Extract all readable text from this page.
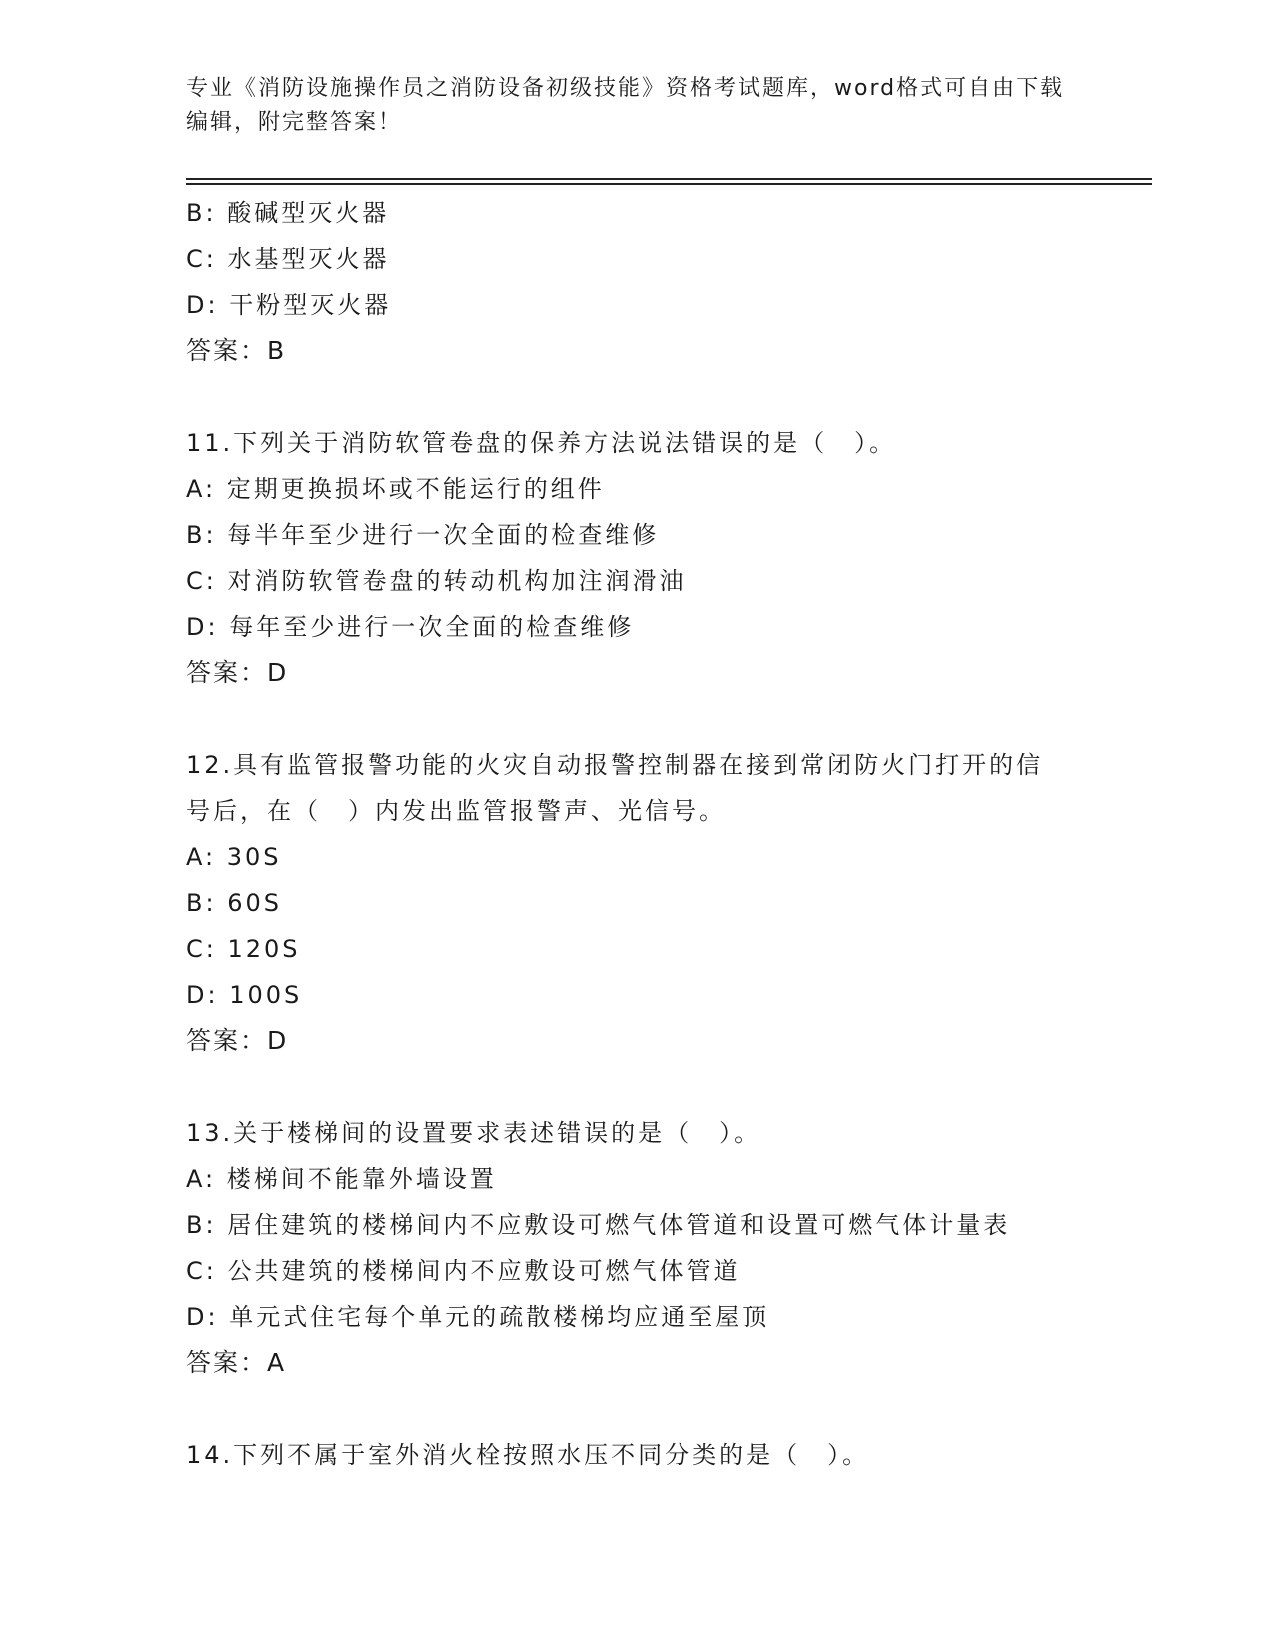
专业《消防设施操作员之消防设备初级技能》资格考试题库，word格式可自由下载编辑，附完整答案！
B: 酸碱型灭火器
C: 水基型灭火器
D: 干粉型灭火器
答案：B
11.下列关于消防软管卷盘的保养方法说法错误的是（　）。
A: 定期更换损坏或不能运行的组件
B: 每半年至少进行一次全面的检查维修
C: 对消防软管卷盘的转动机构加注润滑油
D: 每年至少进行一次全面的检查维修
答案：D
12.具有监管报警功能的火灾自动报警控制器在接到常闭防火门打开的信号后，在（　）内发出监管报警声、光信号。
A: 30S
B: 60S
C: 120S
D: 100S
答案：D
13.关于楼梯间的设置要求表述错误的是（　）。
A: 楼梯间不能靠外墙设置
B: 居住建筑的楼梯间内不应敷设可燃气体管道和设置可燃气体计量表
C: 公共建筑的楼梯间内不应敷设可燃气体管道
D: 单元式住宅每个单元的疏散楼梯均应通至屋顶
答案：A
14.下列不属于室外消火栓按照水压不同分类的是（　）。
